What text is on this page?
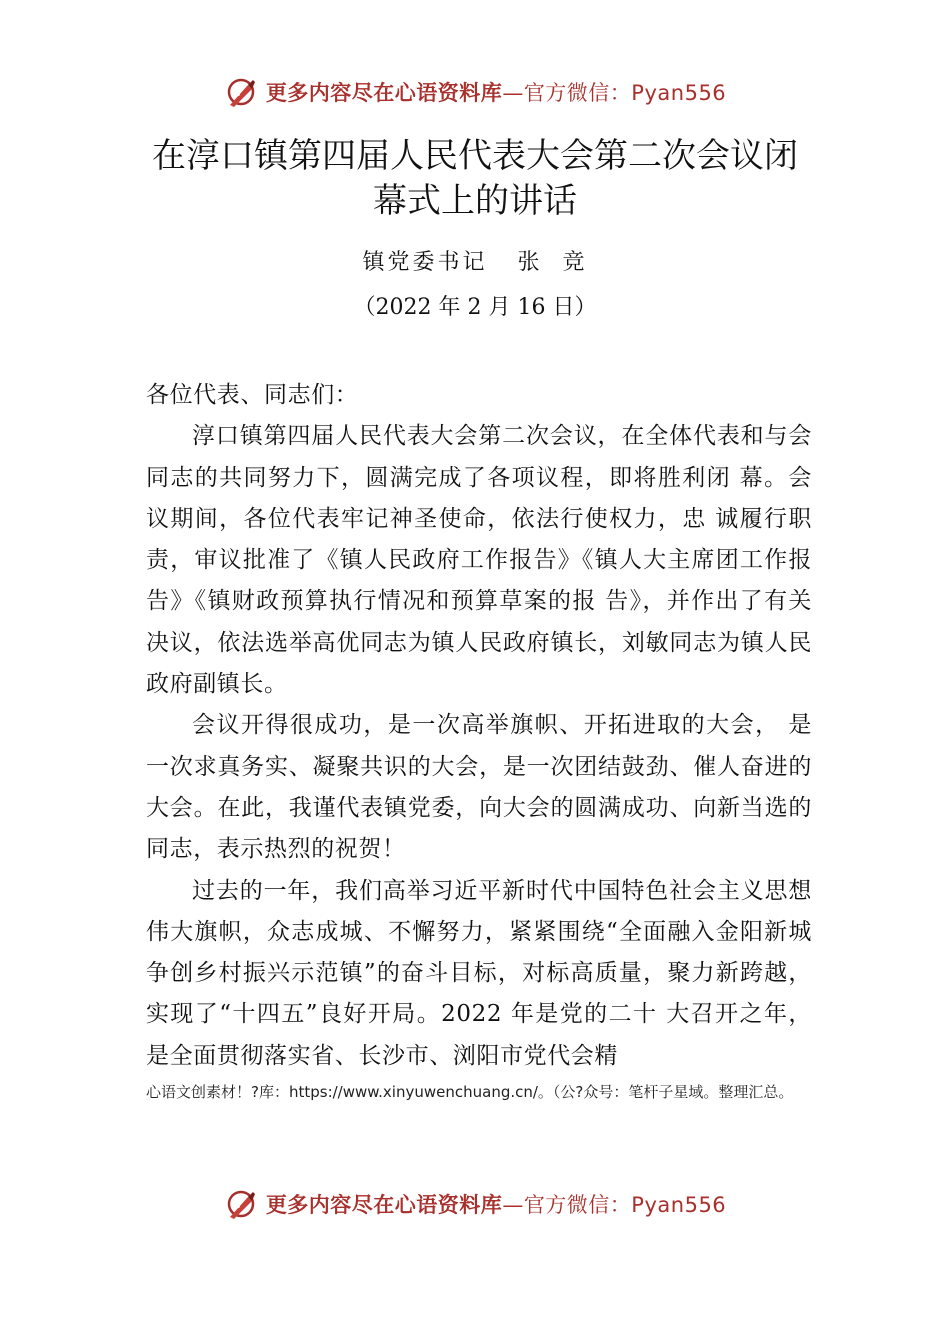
更多内容尽在心语资料库—官方微信：Pyan556
在淳口镇第四届人民代表大会第二次会议闭幕式上的讲话
镇党委书记   张  竞
（2022 年 2 月 16 日）

各位代表、同志们：

淳口镇第四届人民代表大会第二次会议，在全体代表和与会同志的共同努力下，圆满完成了各项议程，即将胜利闭 幕。会议期间，各位代表牢记神圣使命，依法行使权力，忠 诚履行职责，审议批准了《镇人民政府工作报告》《镇人大主席团工作报告》《镇财政预算执行情况和预算草案的报 告》，并作出了有关决议，依法选举高优同志为镇人民政府镇长，刘敏同志为镇人民政府副镇长。

会议开得很成功，是一次高举旗帜、开拓进取的大会， 是一次求真务实、凝聚共识的大会，是一次团结鼓劲、催人奋进的大会。在此，我谨代表镇党委，向大会的圆满成功、向新当选的同志，表示热烈的祝贺！

过去的一年，我们高举习近平新时代中国特色社会主义思想伟大旗帜，众志成城、不懈努力，紧紧围绕“全面融入金阳新城 争创乡村振兴示范镇”的奋斗目标，对标高质量，聚力新跨越，实现了“十四五”良好开局。2022 年是党的二十 大召开之年，是全面贯彻落实省、长沙市、浏阳市党代会精

心语文创素材！?库：https://www.xinyuwenchuang.cn/。（公?众号：笔杆子星域。整理汇总。
更多内容尽在心语资料库—官方微信：Pyan556
